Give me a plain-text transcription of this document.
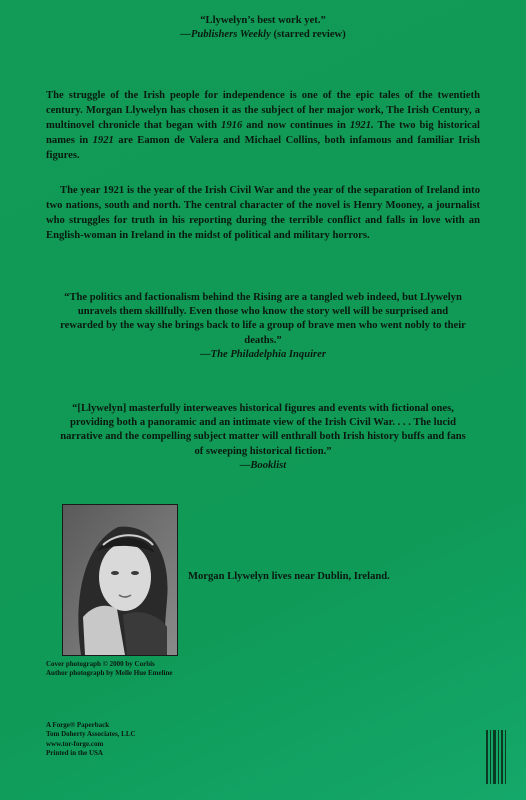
“Llywelyn’s best work yet.”
—Publishers Weekly (starred review)
The struggle of the Irish people for independence is one of the epic tales of the twentieth century. Morgan Llywelyn has chosen it as the subject of her major work, The Irish Century, a multinovel chronicle that began with 1916 and now continues in 1921. The two big historical names in 1921 are Eamon de Valera and Michael Collins, both infamous and familiar Irish figures.
The year 1921 is the year of the Irish Civil War and the year of the separation of Ireland into two nations, south and north. The central character of the novel is Henry Mooney, a journalist who struggles for truth in his reporting during the terrible conflict and falls in love with an English-woman in Ireland in the midst of political and military horrors.
“The politics and factionalism behind the Rising are a tangled web indeed, but Llywelyn unravels them skillfully. Even those who know the story well will be surprised and rewarded by the way she brings back to life a group of brave men who went nobly to their deaths.”
—The Philadelphia Inquirer
“[Llywelyn] masterfully interweaves historical figures and events with fictional ones, providing both a panoramic and an intimate view of the Irish Civil War. . . . The lucid narrative and the compelling subject matter will enthrall both Irish history buffs and fans of sweeping historical fiction.”
—Booklist
Morgan Llywelyn lives near Dublin, Ireland.
Cover photograph © 2000 by Corbis
Author photograph by Melle Hue Emeline
A Forge® Paperback
Tom Doherty Associates, LLC
www.tor-forge.com
Printed in the USA
